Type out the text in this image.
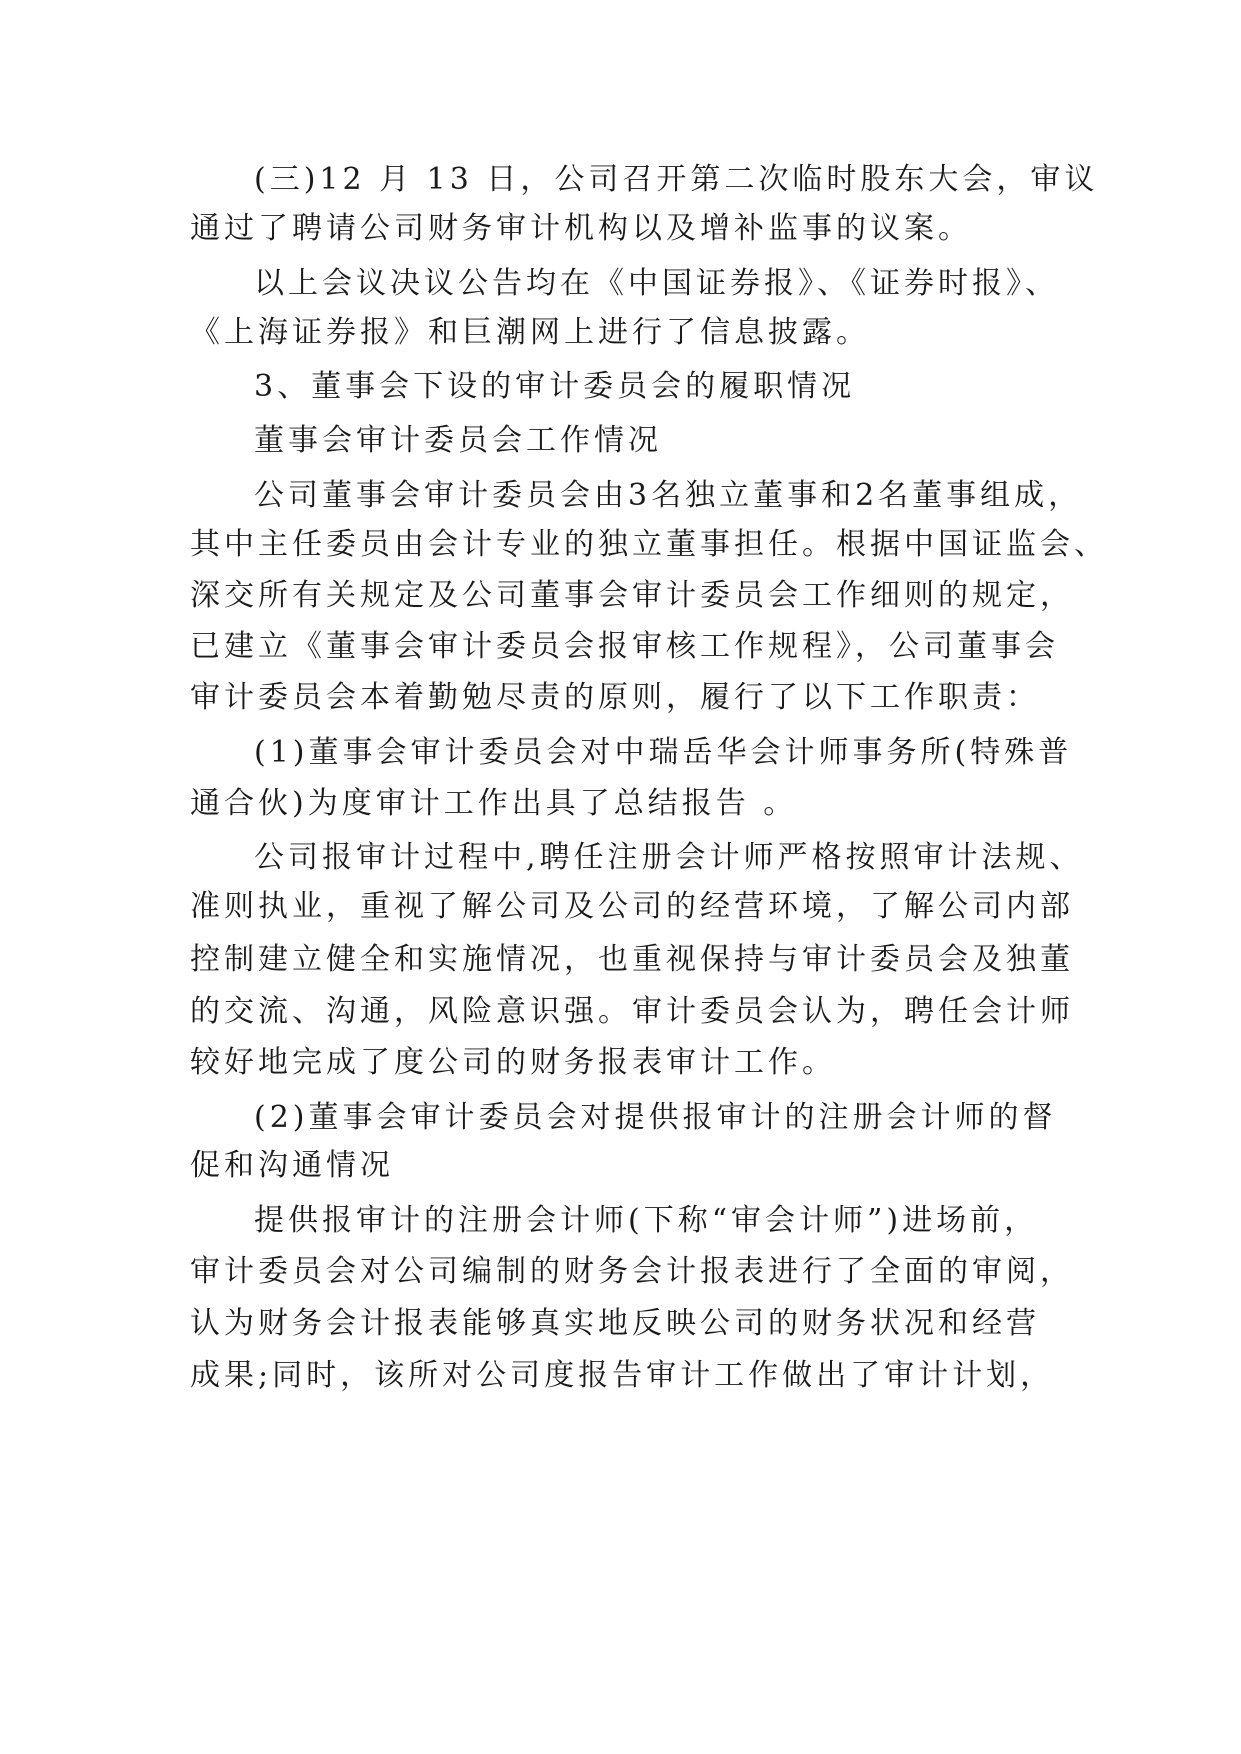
(三)12 月 13 日，公司召开第二次临时股东大会，审议
通过了聘请公司财务审计机构以及增补监事的议案。
以上会议决议公告均在《中国证券报》、《证券时报》、
《上海证券报》和巨潮网上进行了信息披露。
3、董事会下设的审计委员会的履职情况
董事会审计委员会工作情况
公司董事会审计委员会由3名独立董事和2名董事组成，
其中主任委员由会计专业的独立董事担任。根据中国证监会、
深交所有关规定及公司董事会审计委员会工作细则的规定，
已建立《董事会审计委员会报审核工作规程》，公司董事会
审计委员会本着勤勉尽责的原则，履行了以下工作职责：
(1)董事会审计委员会对中瑞岳华会计师事务所(特殊普
通合伙)为度审计工作出具了总结报告 。
公司报审计过程中,聘任注册会计师严格按照审计法规、
准则执业，重视了解公司及公司的经营环境，了解公司内部
控制建立健全和实施情况，也重视保持与审计委员会及独董
的交流、沟通，风险意识强。审计委员会认为，聘任会计师
较好地完成了度公司的财务报表审计工作。
(2)董事会审计委员会对提供报审计的注册会计师的督
促和沟通情况
提供报审计的注册会计师(下称“审会计师”)进场前，
审计委员会对公司编制的财务会计报表进行了全面的审阅，
认为财务会计报表能够真实地反映公司的财务状况和经营
成果;同时，该所对公司度报告审计工作做出了审计计划，
